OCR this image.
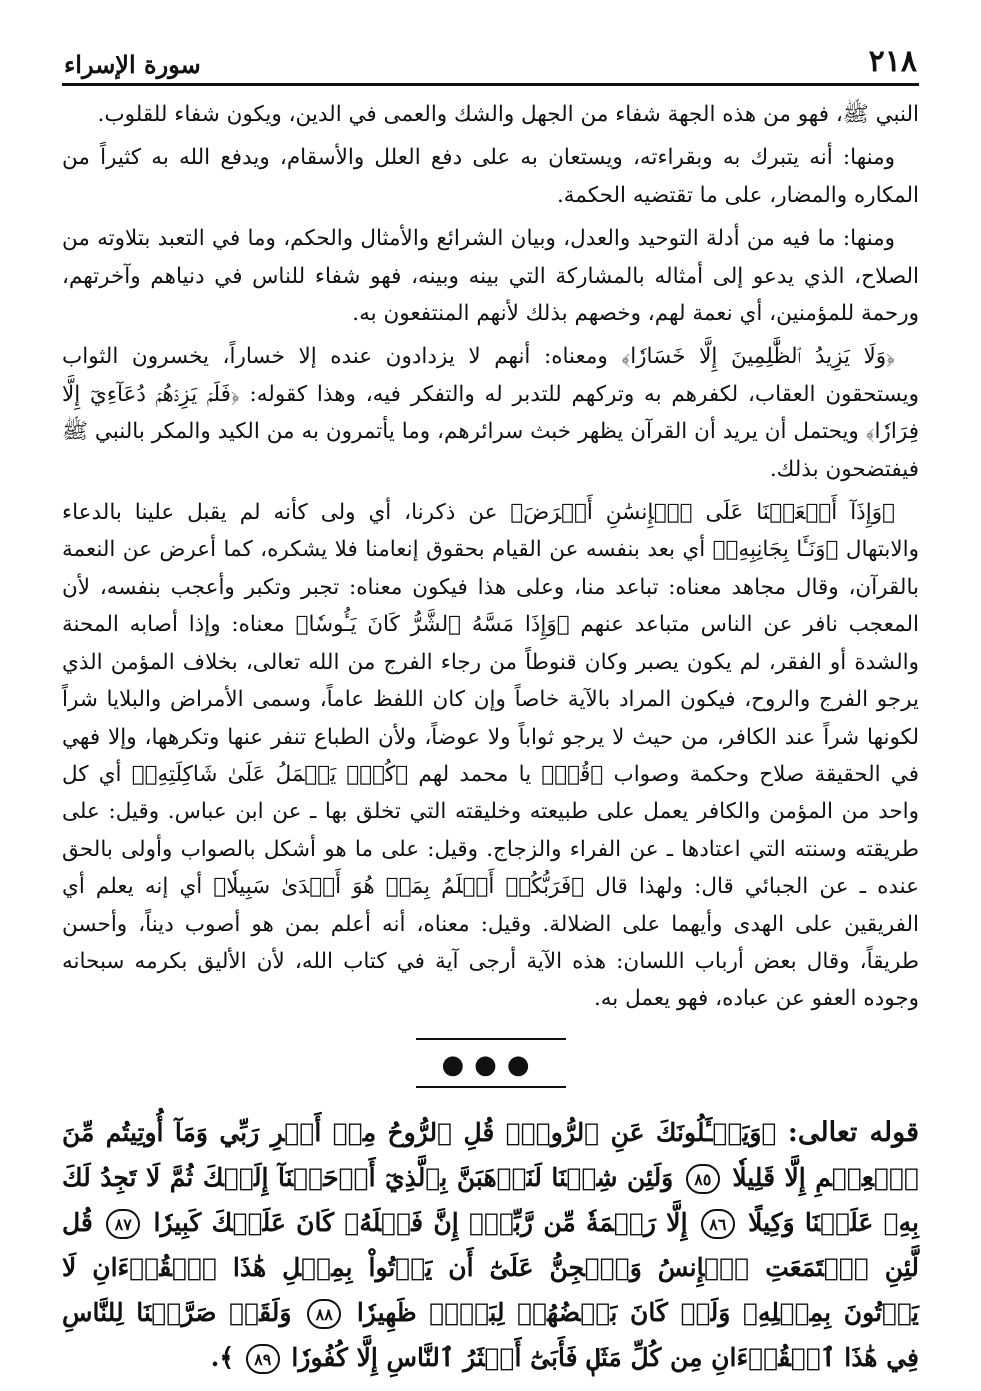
٢١٨
سورة الإسراء

النبي ﷺ، فهو من هذه الجهة شفاء من الجهل والشك والعمى في الدين، ويكون شفاء للقلوب.

ومنها: أنه يتبرك به وبقراءته، ويستعان به على دفع العلل والأسقام، ويدفع الله به كثيراً من المكاره والمضار، على ما تقتضيه الحكمة.

ومنها: ما فيه من أدلة التوحيد والعدل، وبيان الشرائع والأمثال والحكم، وما في التعبد بتلاوته من الصلاح، الذي يدعو إلى أمثاله بالمشاركة التي بينه وبينه، فهو شفاء للناس في دنياهم وآخرتهم، ورحمة للمؤمنين، أي نعمة لهم، وخصهم بذلك لأنهم المنتفعون به.

﴿وَلَا يَزِيدُ ٱلظَّٰلِمِينَ إِلَّا خَسَارٗا﴾ ومعناه: أنهم لا يزدادون عنده إلا خساراً، يخسرون الثواب ويستحقون العقاب، لكفرهم به وتركهم للتدبر له والتفكر فيه، وهذا كقوله: ﴿فَلَمۡ يَزِدۡهُمۡ دُعَآءِيٓ إِلَّا فِرَارٗا﴾ ويحتمل أن يريد أن القرآن يظهر خبث سرائرهم، وما يأتمرون به من الكيد والمكر بالنبي ﷺ فيفتضحون بذلك.

﴿وَإِذَآ أَنۡعَمۡنَا عَلَى ٱلۡإِنسَٰنِ أَعۡرَضَ﴾ عن ذكرنا، أي ولى كأنه لم يقبل علينا بالدعاء والابتهال ﴿وَنَـَٔا بِجَانِبِهِۦ﴾ أي بعد بنفسه عن القيام بحقوق إنعامنا فلا يشكره، كما أعرض عن النعمة بالقرآن، وقال مجاهد معناه: تباعد منا، وعلى هذا فيكون معناه: تجبر وتكبر وأعجب بنفسه، لأن المعجب نافر عن الناس متباعد عنهم ﴿وَإِذَا مَسَّهُ ٱلشَّرُّ كَانَ يَـُٔوسٗا﴾ معناه: وإذا أصابه المحنة والشدة أو الفقر، لم يكون يصبر وكان قنوطاً من رجاء الفرج من الله تعالى، بخلاف المؤمن الذي يرجو الفرج والروح، فيكون المراد بالآية خاصاً وإن كان اللفظ عاماً، وسمى الأمراض والبلايا شراً لكونها شراً عند الكافر، من حيث لا يرجو ثواباً ولا عوضاً، ولأن الطباع تنفر عنها وتكرهها، وإلا فهي في الحقيقة صلاح وحكمة وصواب ﴿قُلۡ﴾ يا محمد لهم ﴿كُلّٞ يَعۡمَلُ عَلَىٰ شَاكِلَتِهِۦ﴾ أي كل واحد من المؤمن والكافر يعمل على طبيعته وخليقته التي تخلق بها ـ عن ابن عباس. وقيل: على طريقته وسنته التي اعتادها ـ عن الفراء والزجاج. وقيل: على ما هو أشكل بالصواب وأولى بالحق عنده ـ عن الجبائي قال: ولهذا قال ﴿فَرَبُّكُمۡ أَعۡلَمُ بِمَنۡ هُوَ أَهۡدَىٰ سَبِيلٗا﴾ أي إنه يعلم أي الفريقين على الهدى وأيهما على الضلالة. وقيل: معناه، أنه أعلم بمن هو أصوب ديناً، وأحسن طريقاً، وقال بعض أرباب اللسان: هذه الآية أرجى آية في كتاب الله، لأن الأليق بكرمه سبحانه وجوده العفو عن عباده، فهو يعمل به.

●●●
قوله تعالى: ﴿وَيَسۡـَٔلُونَكَ عَنِ ٱلرُّوحِۖ قُلِ ٱلرُّوحُ مِنۡ أَمۡرِ رَبِّي وَمَآ أُوتِيتُم مِّنَ ٱلۡعِلۡمِ إِلَّا قَلِيلٗا ٨٥ وَلَئِن شِئۡنَا لَنَذۡهَبَنَّ بِٱلَّذِيٓ أَوۡحَيۡنَآ إِلَيۡكَ ثُمَّ لَا تَجِدُ لَكَ بِهِۦ عَلَيۡنَا وَكِيلًا ٨٦ إِلَّا رَحۡمَةٗ مِّن رَّبِّكَۚ إِنَّ فَضۡلَهُۥ كَانَ عَلَيۡكَ كَبِيرٗا ٨٧ قُل لَّئِنِ ٱجۡتَمَعَتِ ٱلۡإِنسُ وَٱلۡجِنُّ عَلَىٰٓ أَن يَأۡتُواْ بِمِثۡلِ هَٰذَا ٱلۡقُرۡءَانِ لَا يَأۡتُونَ بِمِثۡلِهِۦ وَلَوۡ كَانَ بَعۡضُهُمۡ لِبَعۡضٖ ظَهِيرٗا ٨٨ وَلَقَدۡ صَرَّفۡنَا لِلنَّاسِ فِي هَٰذَا ٱلۡقُرۡءَانِ مِن كُلِّ مَثَلٖ فَأَبَىٰٓ أَكۡثَرُ ٱلنَّاسِ إِلَّا كُفُورٗا ٨٩ ﴾.
